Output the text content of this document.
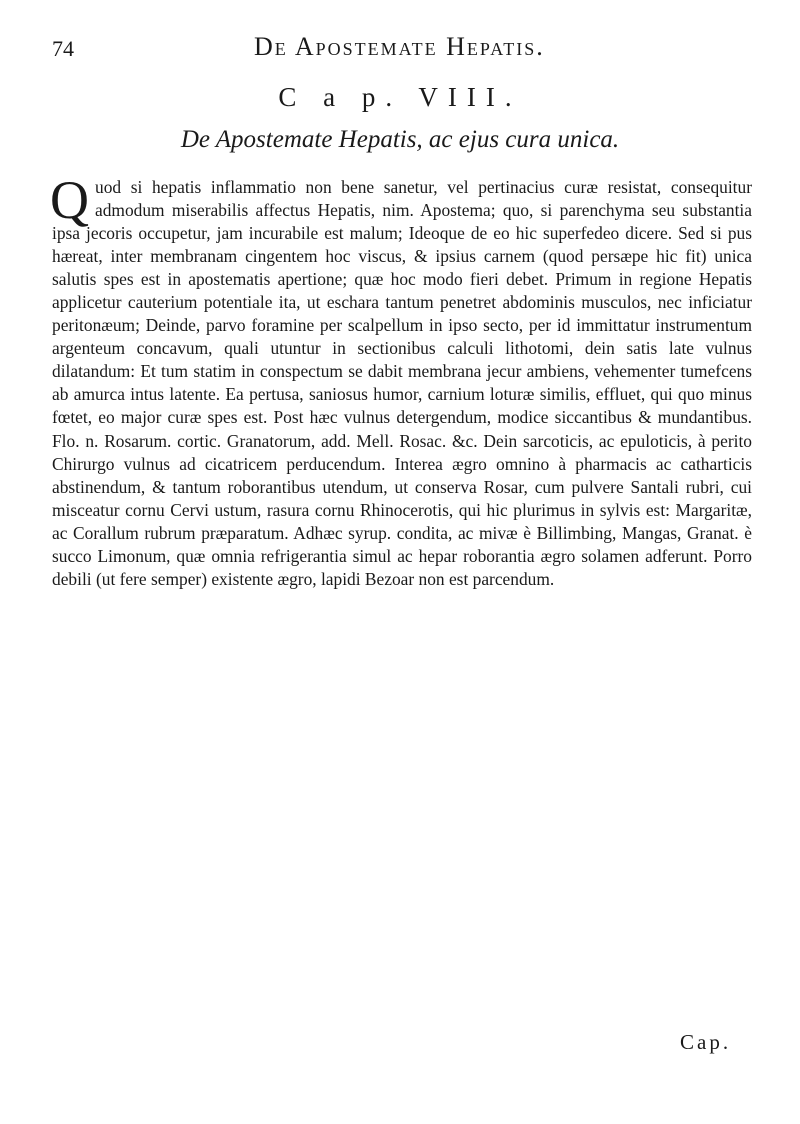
74	De Apostemate Hepatis.
C a p. VIII.
De Apostemate Hepatis, ac ejus cura unica.
Quod si hepatis inflammatio non bene sanetur, vel pertinacius curæ resistat, consequitur admodum miserabilis affectus Hepatis, nim. Apostema; quo, si parenchyma seu substantia ipsa jecoris occupetur, jam incurabile est malum; Ideoque de eo hic superfedeo dicere. Sed si pus hæreat, inter membranam cingentem hoc viscus, & ipsius carnem (quod persæpe hic fit) unica salutis spes est in apostematis apertione; quæ hoc modo fieri debet. Primum in regione Hepatis applicetur cauterium potentiale ita, ut eschara tantum penetret abdominis musculos, nec inficiatur peritonæum; Deinde, parvo foramine per scalpellum in ipso secto, per id immittatur instrumentum argenteum concavum, quali utuntur in sectionibus calculi lithotomi, dein satis late vulnus dilatandum: Et tum statim in conspectum se dabit membrana jecur ambiens, vehementer tumefcens ab amurca intus latente. Ea pertusa, saniosus humor, carnium loturæ similis, effluet, qui quo minus fœtet, eo major curæ spes est. Post hæc vulnus detergendum, modice siccantibus & mundantibus. Flo. n. Rosarum. cortic. Granatorum, add. Mell. Rosac. &c. Dein sarcoticis, ac epuloticis, à perito Chirurgo vulnus ad cicatricem perducendum. Interea ægro omnino à pharmacis ac catharticis abstinendum, & tantum roborantibus utendum, ut conserva Rosar, cum pulvere Santali rubri, cui misceatur cornu Cervi ustum, rasura cornu Rhinocerotis, qui hic plurimus in sylvis est: Margaritæ, ac Corallum rubrum præparatum. Adhæc syrup. condita, ac mivæ è Billimbing, Mangas, Granat. è succo Limonum, quæ omnia refrigerantia simul ac hepar roborantia ægro solamen adferunt. Porro debili (ut fere semper) existente ægro, lapidi Bezoar non est parcendum.
Cap.
